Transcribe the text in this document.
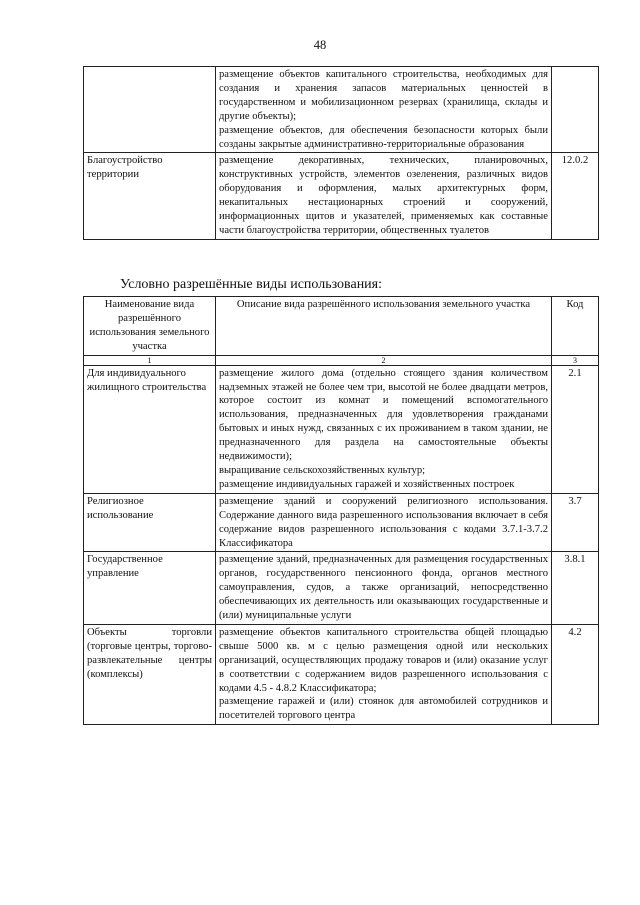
48

	размещение объектов капитального строительства, необходимых для создания и хранения запасов материальных ценностей в государственном и мобилизационном резервах (хранилища, склады и другие объекты);

размещение объектов, для обеспечения безопасности которых были созданы закрытые административно-территориальные образования	

Благоустройство территории	размещение декоративных, технических, планировочных, конструктивных устройств, элементов озеленения, различных видов оборудования и оформления, малых архитектурных форм, некапитальных нестационарных строений и сооружений, информационных щитов и указателей, применяемых как составные части благоустройства территории, общественных туалетов	12.0.2
Условно разрешённые виды использования:
Наименование вида разрешённого использования земельного участка	Описание вида разрешённого использования земельного участка	Код
1	2	3
Для индивидуального жилищного строительства	размещение жилого дома (отдельно стоящего здания количеством надземных этажей не более чем три, высотой не более двадцати метров, которое состоит из комнат и помещений вспомогательного использования, предназначенных для удовлетворения гражданами бытовых и иных нужд, связанных с их проживанием в таком здании, не предназначенного для раздела на самостоятельные объекты недвижимости);

выращивание сельскохозяйственных культур;

размещение индивидуальных гаражей и хозяйственных построек	2.1
Религиозное использование	размещение зданий и сооружений религиозного использования. Содержание данного вида разрешенного использования включает в себя содержание видов разрешенного использования с кодами 3.7.1-3.7.2 Классификатора	3.7
Государственное управление	размещение зданий, предназначенных для размещения государственных органов, государственного пенсионного фонда, органов местного самоуправления, судов, а также организаций, непосредственно обеспечивающих их деятельность или оказывающих государственные и (или) муниципальные услуги	3.8.1
Объекты торговли (торговые центры, торгово-развлекательные центры (комплексы)	размещение объектов капитального строительства общей площадью свыше 5000 кв. м с целью размещения одной или нескольких организаций, осуществляющих продажу товаров и (или) оказание услуг в соответствии с содержанием видов разрешенного использования с кодами 4.5 - 4.8.2 Классификатора;

размещение гаражей и (или) стоянок для автомобилей сотрудников и посетителей торгового центра	4.2
